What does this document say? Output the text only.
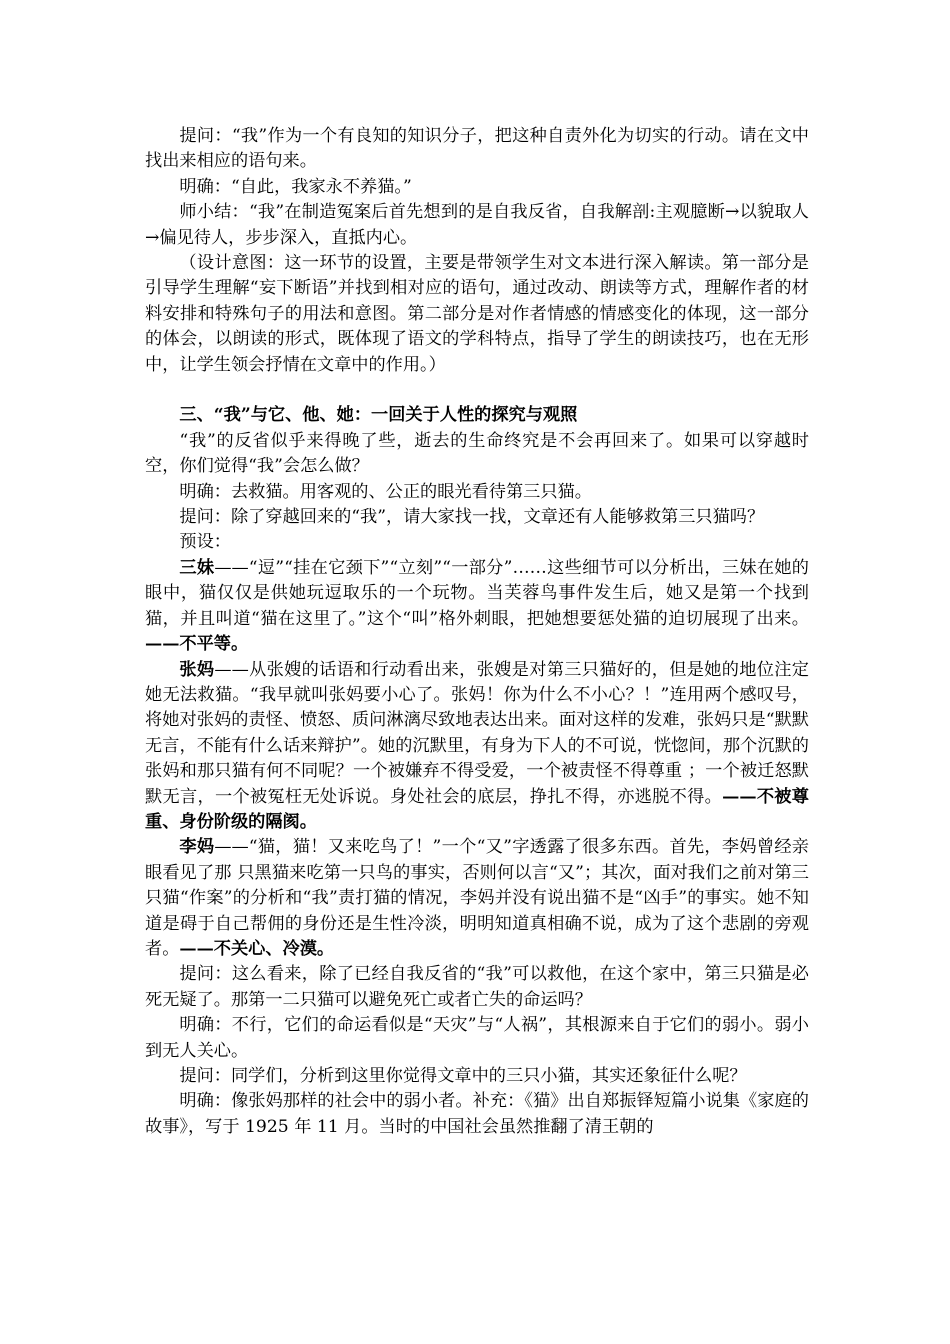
提问：“我”作为一个有良知的知识分子，把这种自责外化为切实的行动。请在文中找出来相应的语句来。

明确：“自此，我家永不养猫。”

师小结：“我”在制造冤案后首先想到的是自我反省，自我解剖:主观臆断→以貌取人→偏见待人，步步深入，直抵内心。

（设计意图：这一环节的设置，主要是带领学生对文本进行深入解读。第一部分是引导学生理解“妄下断语”并找到相对应的语句，通过改动、朗读等方式，理解作者的材料安排和特殊句子的用法和意图。第二部分是对作者情感的情感变化的体现，这一部分的体会，以朗读的形式，既体现了语文的学科特点，指导了学生的朗读技巧，也在无形中，让学生领会抒情在文章中的作用。）

三、“我”与它、他、她：一回关于人性的探究与观照

“我”的反省似乎来得晚了些，逝去的生命终究是不会再回来了。如果可以穿越时空，你们觉得“我”会怎么做？

明确：去救猫。用客观的、公正的眼光看待第三只猫。

提问：除了穿越回来的“我”，请大家找一找，文章还有人能够救第三只猫吗？

预设：

三妹——“逗”“挂在它颈下”“立刻”“一部分”……这些细节可以分析出，三妹在她的眼中，猫仅仅是供她玩逗取乐的一个玩物。当芙蓉鸟事件发生后，她又是第一个找到猫，并且叫道“猫在这里了。”这个“叫”格外刺眼，把她想要惩处猫的迫切展现了出来。——不平等。

张妈——从张嫂的话语和行动看出来，张嫂是对第三只猫好的，但是她的地位注定她无法救猫。“我早就叫张妈要小心了。张妈！你为什么不小心？！”连用两个感叹号，将她对张妈的责怪、愤怒、质问淋漓尽致地表达出来。面对这样的发难，张妈只是“默默无言，不能有什么话来辩护”。她的沉默里，有身为下人的不可说，恍惚间，那个沉默的张妈和那只猫有何不同呢？一个被嫌弃不得受爱，一个被责怪不得尊重 ；一个被迁怒默默无言，一个被冤枉无处诉说。身处社会的底层，挣扎不得，亦逃脱不得。——不被尊重、身份阶级的隔阂。

李妈——“猫，猫！又来吃鸟了！”一个“又”字透露了很多东西。首先，李妈曾经亲眼看见了那 只黑猫来吃第一只鸟的事实，否则何以言“又”；其次，面对我们之前对第三只猫“作案”的分析和“我”责打猫的情况，李妈并没有说出猫不是“凶手”的事实。她不知道是碍于自己帮佣的身份还是生性冷淡，明明知道真相确不说，成为了这个悲剧的旁观者。——不关心、冷漠。

提问：这么看来，除了已经自我反省的“我”可以救他，在这个家中，第三只猫是必死无疑了。那第一二只猫可以避免死亡或者亡失的命运吗？

明确：不行，它们的命运看似是“天灾”与“人祸”，其根源来自于它们的弱小。弱小到无人关心。

提问：同学们，分析到这里你觉得文章中的三只小猫，其实还象征什么呢？

明确：像张妈那样的社会中的弱小者。补充：《猫》出自郑振铎短篇小说集《家庭的故事》，写于 1925 年 11 月。当时的中国社会虽然推翻了清王朝的
